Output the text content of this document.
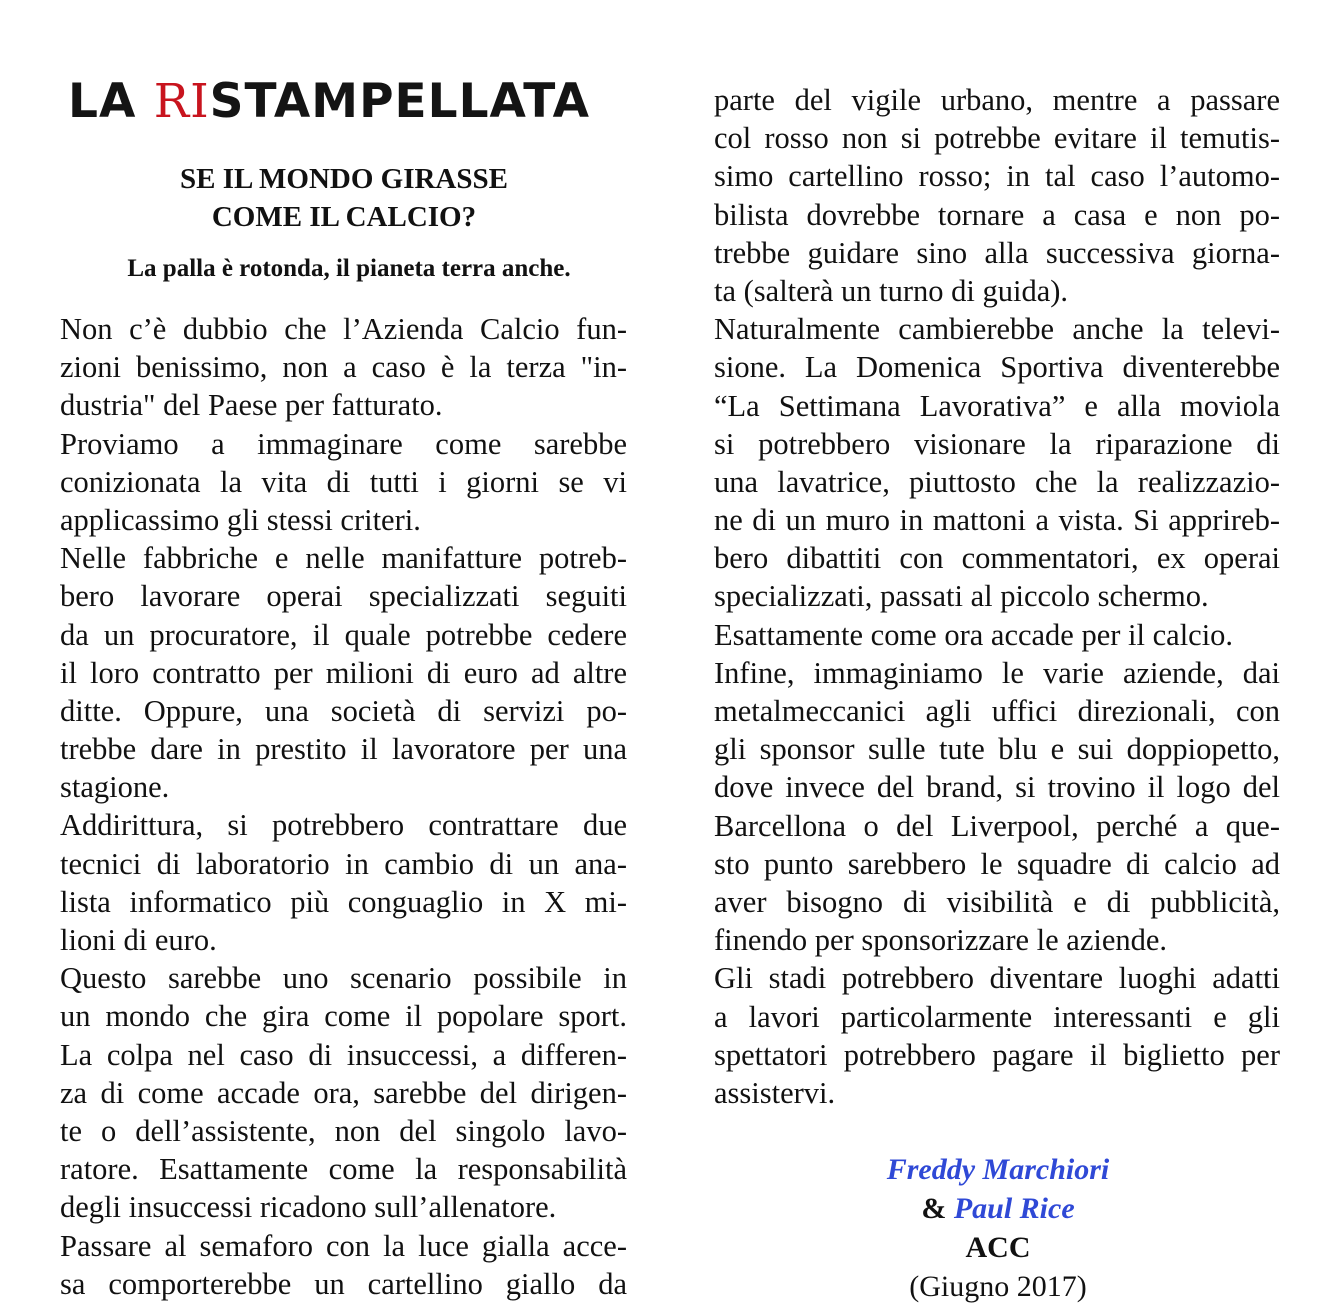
LA RISTAMPELLATA
SE IL MONDO GIRASSE
COME IL CALCIO?
La palla è rotonda, il pianeta terra anche.
Non c’è dubbio che l’Azienda Calcio fun-
zioni benissimo, non a caso è la terza "in-
dustria" del Paese per fatturato.
Proviamo a immaginare come sarebbe
conizionata la vita di tutti i giorni se vi
applicassimo gli stessi criteri.
Nelle fabbriche e nelle manifatture potreb-
bero lavorare operai specializzati seguiti
da un procuratore, il quale potrebbe cedere
il loro contratto per milioni di euro ad altre
ditte. Oppure, una società di servizi po-
trebbe dare in prestito il lavoratore per una
stagione.
Addirittura, si potrebbero contrattare due
tecnici di laboratorio in cambio di un ana-
lista informatico più conguaglio in X mi-
lioni di euro.
Questo sarebbe uno scenario possibile in
un mondo che gira come il popolare sport.
La colpa nel caso di insuccessi, a differen-
za di come accade ora, sarebbe del dirigen-
te o dell’assistente, non del singolo lavo-
ratore. Esattamente come la responsabilità
degli insuccessi ricadono sull’allenatore.
Passare al semaforo con la luce gialla acce-
sa comporterebbe un cartellino giallo da
parte del vigile urbano, mentre a passare
col rosso non si potrebbe evitare il temutis-
simo cartellino rosso; in tal caso l’automo-
bilista dovrebbe tornare a casa e non po-
trebbe guidare sino alla successiva giorna-
ta (salterà un turno di guida).
Naturalmente cambierebbe anche la televi-
sione. La Domenica Sportiva diventerebbe
“La Settimana Lavorativa” e alla moviola
si potrebbero visionare la riparazione di
una lavatrice, piuttosto che la realizzazio-
ne di un muro in mattoni a vista. Si apprireb-
bero dibattiti con commentatori, ex operai
specializzati, passati al piccolo schermo.
Esattamente come ora accade per il calcio.
Infine, immaginiamo le varie aziende, dai
metalmeccanici agli uffici direzionali, con
gli sponsor sulle tute blu e sui doppiopetto,
dove invece del brand, si trovino il logo del
Barcellona o del Liverpool, perché a que-
sto punto sarebbero le squadre di calcio ad
aver bisogno di visibilità e di pubblicità,
finendo per sponsorizzare le aziende.
Gli stadi potrebbero diventare luoghi adatti
a lavori particolarmente interessanti e gli
spettatori potrebbero pagare il biglietto per
assistervi.
Freddy Marchiori
& Paul Rice
ACC
(Giugno 2017)
